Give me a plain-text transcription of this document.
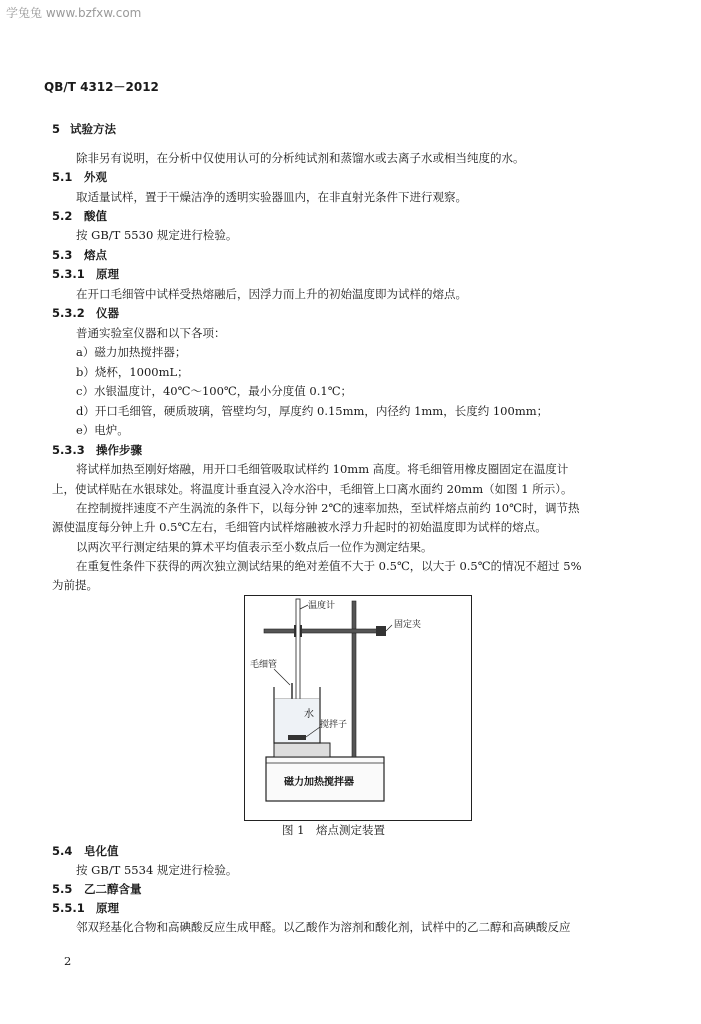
学兔兔 www.bzfxw.com
QB/T 4312－2012
5 试验方法
除非另有说明，在分析中仅使用认可的分析纯试剂和蒸馏水或去离子水或相当纯度的水。
5.1 外观
取适量试样，置于干燥洁净的透明实验器皿内，在非直射光条件下进行观察。
5.2 酸值
按 GB/T 5530 规定进行检验。
5.3 熔点
5.3.1 原理
在开口毛细管中试样受热熔融后，因浮力而上升的初始温度即为试样的熔点。
5.3.2 仪器
普通实验室仪器和以下各项：
a）磁力加热搅拌器；
b）烧杯，1000mL；
c）水银温度计，40℃～100℃，最小分度值 0.1℃；
d）开口毛细管，硬质玻璃，管壁均匀，厚度约 0.15mm，内径约 1mm，长度约 100mm；
e）电炉。
5.3.3 操作步骤
将试样加热至刚好熔融，用开口毛细管吸取试样约 10mm 高度。将毛细管用橡皮圈固定在温度计
上，使试样贴在水银球处。将温度计垂直浸入冷水浴中，毛细管上口离水面约 20mm（如图 1 所示）。
在控制搅拌速度不产生涡流的条件下，以每分钟 2℃的速率加热，至试样熔点前约 10℃时，调节热
源使温度每分钟上升 0.5℃左右，毛细管内试样熔融被水浮力升起时的初始温度即为试样的熔点。
以两次平行测定结果的算术平均值表示至小数点后一位作为测定结果。
在重复性条件下获得的两次独立测试结果的绝对差值不大于 0.5℃，以大于 0.5℃的情况不超过 5%
为前提。
温度计
固定夹
毛细管
水
搅拌子
磁力加热搅拌器
图 1　熔点测定装置
5.4 皂化值
按 GB/T 5534 规定进行检验。
5.5 乙二醇含量
5.5.1 原理
邻双羟基化合物和高碘酸反应生成甲醛。以乙酸作为溶剂和酸化剂，试样中的乙二醇和高碘酸反应
2
